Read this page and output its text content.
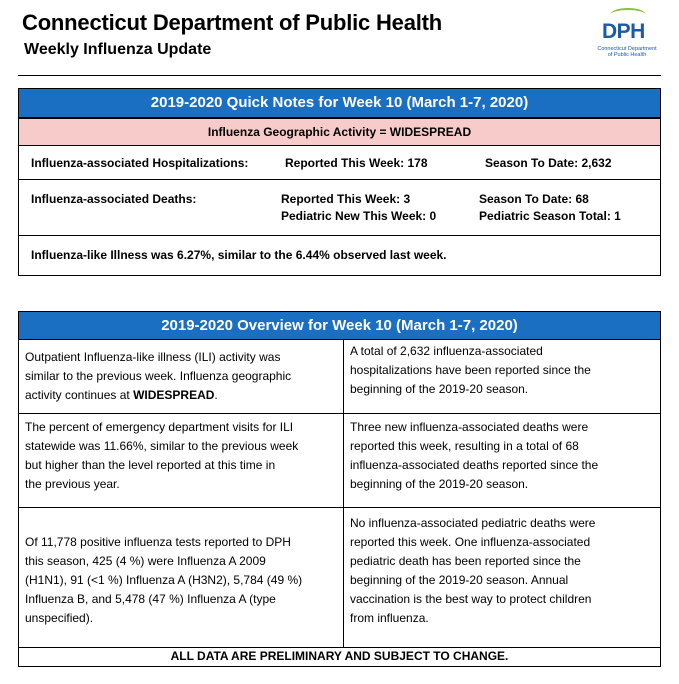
Connecticut Department of Public Health
Weekly Influenza Update
DPH
Connecticut Department of Public Health
2019-2020 Quick Notes for Week 10 (March 1-7, 2020)
Influenza Geographic Activity = WIDESPREAD
Influenza-associated Hospitalizations:	Reported This Week: 178	Season To Date: 2,632
Influenza-associated Deaths:	Reported This Week: 3	Season To Date: 68
Pediatric New This Week: 0	Pediatric Season Total: 1
Influenza-like Illness was 6.27%, similar to the 6.44% observed last week.
2019-2020 Overview for Week 10 (March 1-7, 2020)
Outpatient Influenza-like illness (ILI) activity was
similar to the previous week. Influenza geographic
activity continues at WIDESPREAD.
A total of 2,632 influenza-associated
hospitalizations have been reported since the
beginning of the 2019-20 season.
The percent of emergency department visits for ILI
statewide was 11.66%, similar to the previous week
but higher than the level reported at this time in
the previous year.
Three new influenza-associated deaths were
reported this week, resulting in a total of 68
influenza-associated deaths reported since the
beginning of the 2019-20 season.
Of 11,778 positive influenza tests reported to DPH
this season, 425 (4 %) were Influenza A 2009
(H1N1), 91 (<1 %) Influenza A (H3N2), 5,784 (49 %)
Influenza B, and 5,478 (47 %) Influenza A (type
unspecified).
No influenza-associated pediatric deaths were
reported this week. One influenza-associated
pediatric death has been reported since the
beginning of the 2019-20 season. Annual
vaccination is the best way to protect children
from influenza.
ALL DATA ARE PRELIMINARY AND SUBJECT TO CHANGE.
